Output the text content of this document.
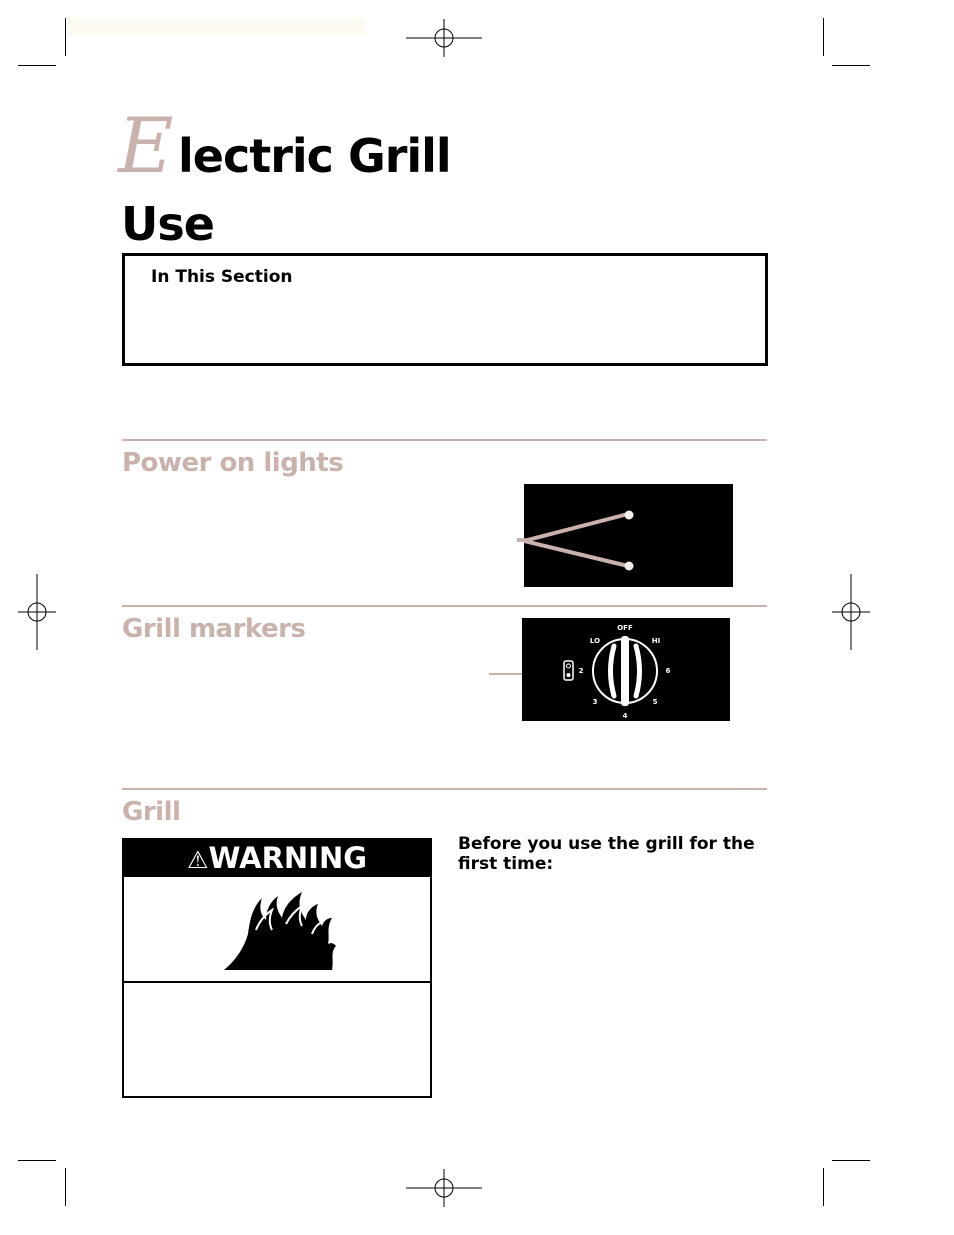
E lectric Grill
Use
In This Section
Power on lights
Grill markers	OFF
LO	HI
2
3
4
5
6
Grill
⚠WARNING	Before you use the grill for the first time:
